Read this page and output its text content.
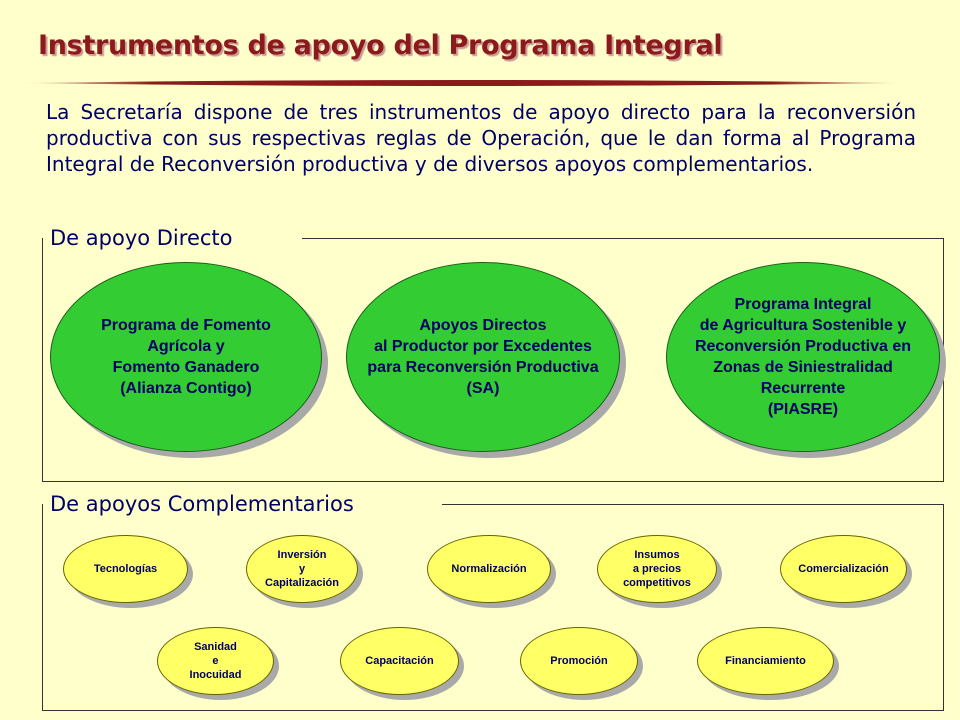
Instrumentos de apoyo del Programa Integral

La Secretaría dispone de tres instrumentos de apoyo directo para la reconversión productiva con sus respectivas reglas de Operación, que le dan forma al Programa Integral de Reconversión productiva y de diversos apoyos complementarios.

De apoyo Directo
Programa de Fomento
Agrícola y
Fomento Ganadero
(Alianza Contigo)
Apoyos Directos
al Productor por Excedentes
para Reconversión Productiva
(SA)
Programa Integral
de Agricultura Sostenible y
Reconversión Productiva en
Zonas de Siniestralidad
Recurrente
(PIASRE)
De apoyos Complementarios
Tecnologías
Inversión
y
Capitalización
Normalización
Insumos
a precios
competitivos
Comercialización
Sanidad
e
Inocuidad
Capacitación	Promoción	Financiamiento
